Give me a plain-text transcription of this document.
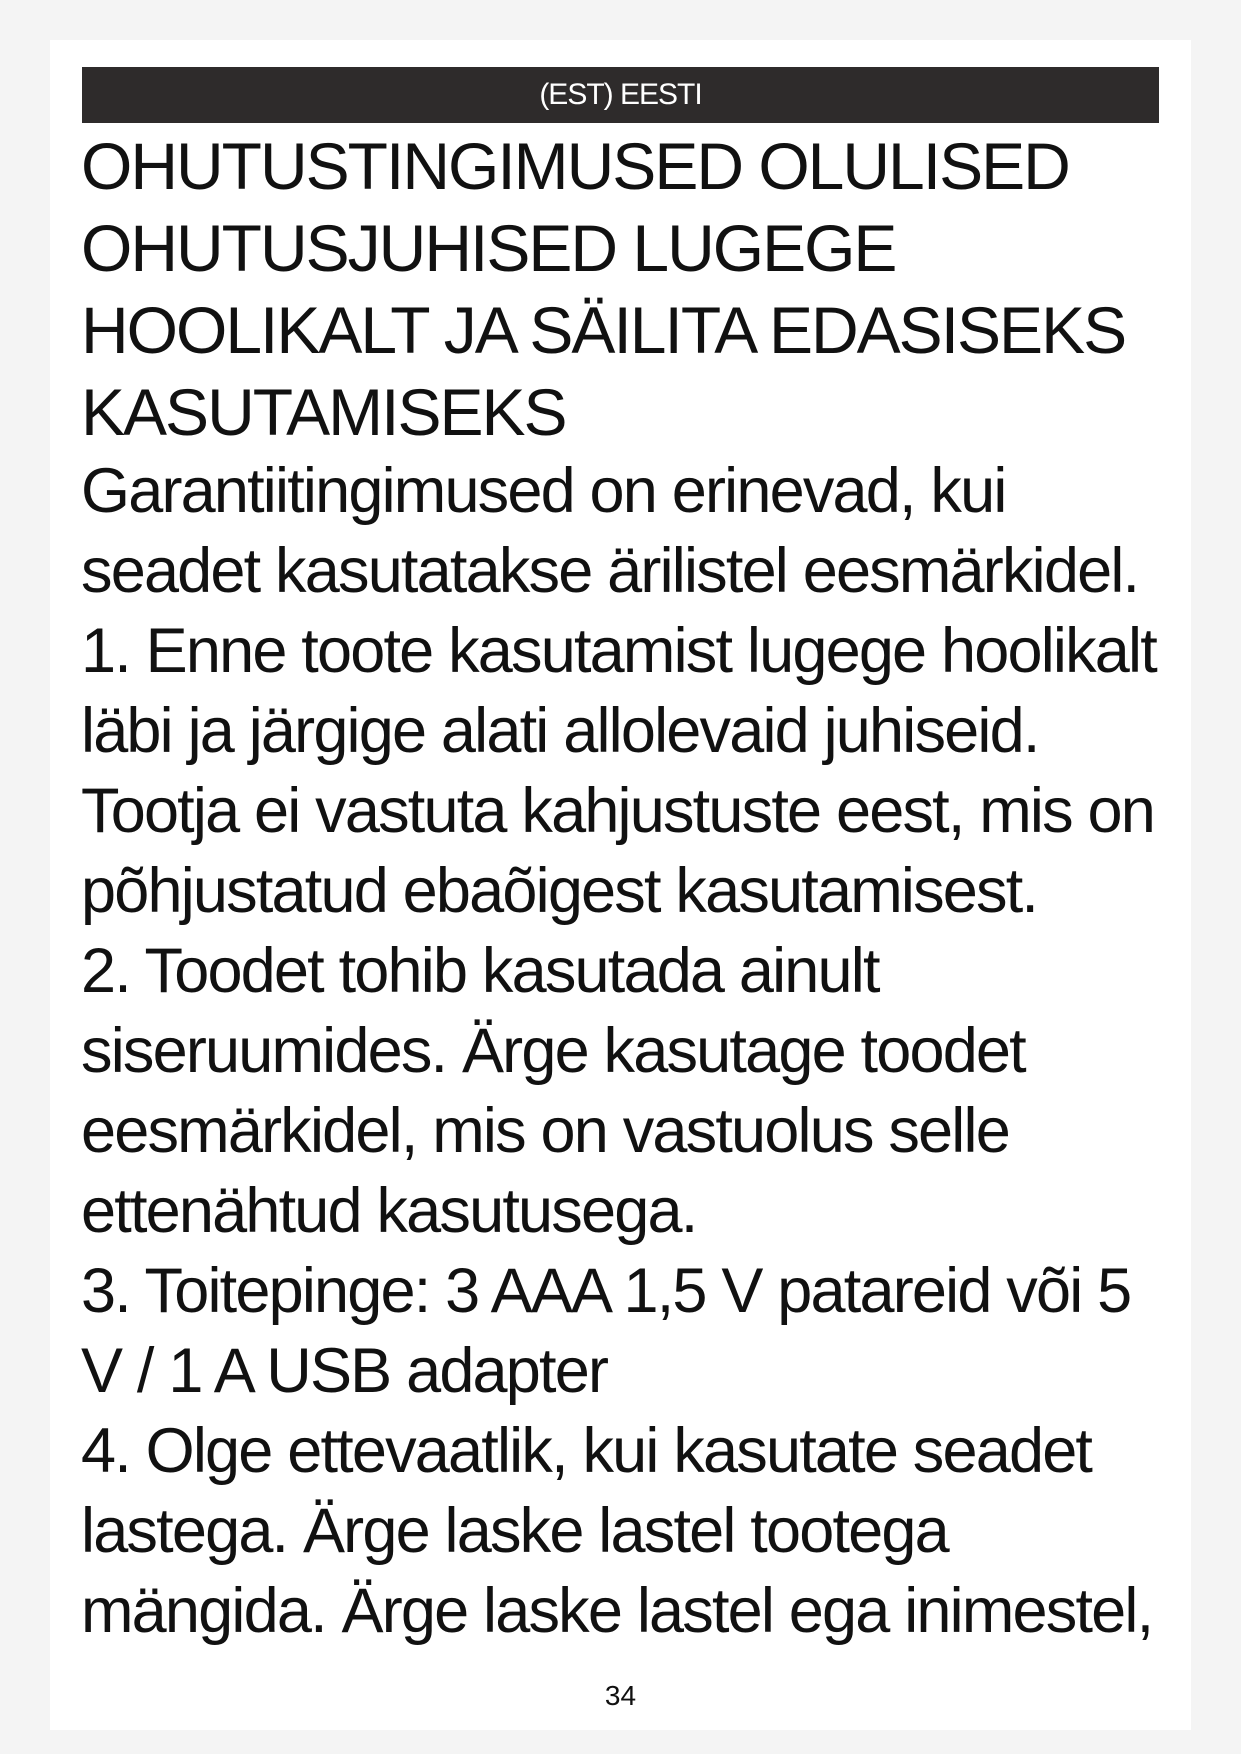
(EST) EESTI
OHUTUSTINGIMUSED OLULISED OHUTUSJUHISED LUGEGE HOOLIKALT JA SÄILITA EDASISEKS KASUTAMISEKS

Garantiitingimused on erinevad, kui seadet kasutatakse ärilistel eesmärkidel.

1. Enne toote kasutamist lugege hoolikalt läbi ja järgige alati allolevaid juhiseid. Tootja ei vastuta kahjustuste eest, mis on põhjustatud ebaõigest kasutamisest.

2. Toodet tohib kasutada ainult siseruumides. Ärge kasutage toodet eesmärkidel, mis on vastuolus selle ettenähtud kasutusega.

3. Toitepinge: 3 AAA 1,5 V patareid või 5 V / 1 A USB adapter

4. Olge ettevaatlik, kui kasutate seadet lastega. Ärge laske lastel tootega mängida. Ärge laske lastel ega inimestel,

34
